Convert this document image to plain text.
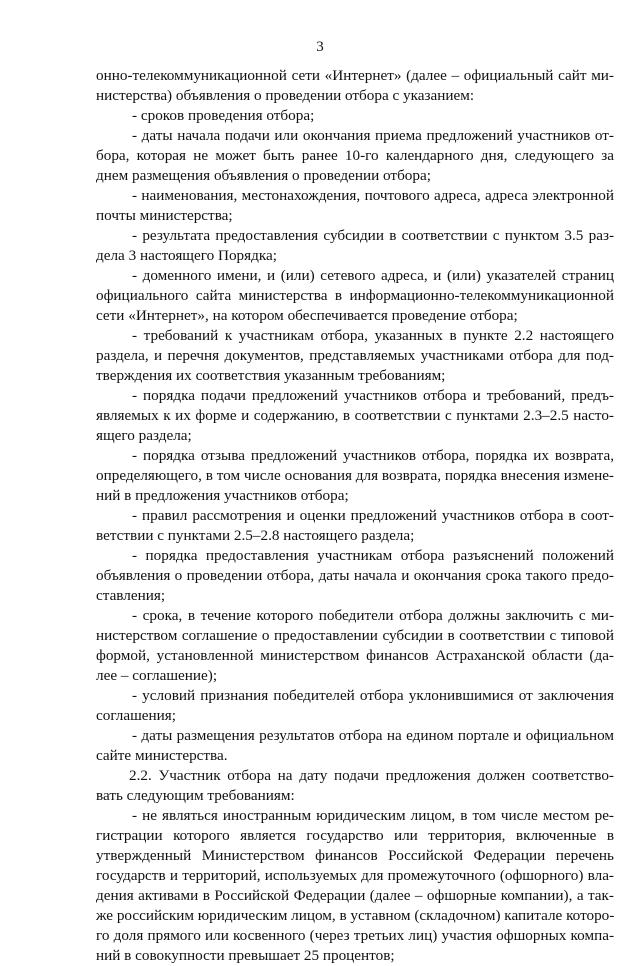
3
онно-телекоммуникационной сети «Интернет» (далее – официальный сайт ми-
нистерства) объявления о проведении отбора с указанием:
- сроков проведения отбора;
- даты начала подачи или окончания приема предложений участников от-
бора, которая не может быть ранее 10-го календарного дня, следующего за
днем размещения объявления о проведении отбора;
- наименования, местонахождения, почтового адреса, адреса электронной
почты министерства;
- результата предоставления субсидии в соответствии с пунктом 3.5 раз-
дела 3 настоящего Порядка;
- доменного имени, и (или) сетевого адреса, и (или) указателей страниц
официального сайта министерства в информационно-телекоммуникационной
сети «Интернет», на котором обеспечивается проведение отбора;
- требований к участникам отбора, указанных в пункте 2.2 настоящего
раздела, и перечня документов, представляемых участниками отбора для под-
тверждения их соответствия указанным требованиям;
- порядка подачи предложений участников отбора и требований, предъ-
являемых к их форме и содержанию, в соответствии с пунктами 2.3–2.5 насто-
ящего раздела;
- порядка отзыва предложений участников отбора, порядка их возврата,
определяющего, в том числе основания для возврата, порядка внесения измене-
ний в предложения участников отбора;
- правил рассмотрения и оценки предложений участников отбора в соот-
ветствии с пунктами 2.5–2.8 настоящего раздела;
- порядка предоставления участникам отбора разъяснений положений
объявления о проведении отбора, даты начала и окончания срока такого предо-
ставления;
- срока, в течение которого победители отбора должны заключить с ми-
нистерством соглашение о предоставлении субсидии в соответствии с типовой
формой, установленной министерством финансов Астраханской области (да-
лее – соглашение);
- условий признания победителей отбора уклонившимися от заключения
соглашения;
- даты размещения результатов отбора на едином портале и официальном
сайте министерства.
2.2. Участник отбора на дату подачи предложения должен соответство-
вать следующим требованиям:
- не являться иностранным юридическим лицом, в том числе местом ре-
гистрации которого является государство или территория, включенные в
утвержденный Министерством финансов Российской Федерации перечень
государств и территорий, используемых для промежуточного (офшорного) вла-
дения активами в Российской Федерации (далее – офшорные компании), а так-
же российским юридическим лицом, в уставном (складочном) капитале которо-
го доля прямого или косвенного (через третьих лиц) участия офшорных компа-
ний в совокупности превышает 25 процентов;
